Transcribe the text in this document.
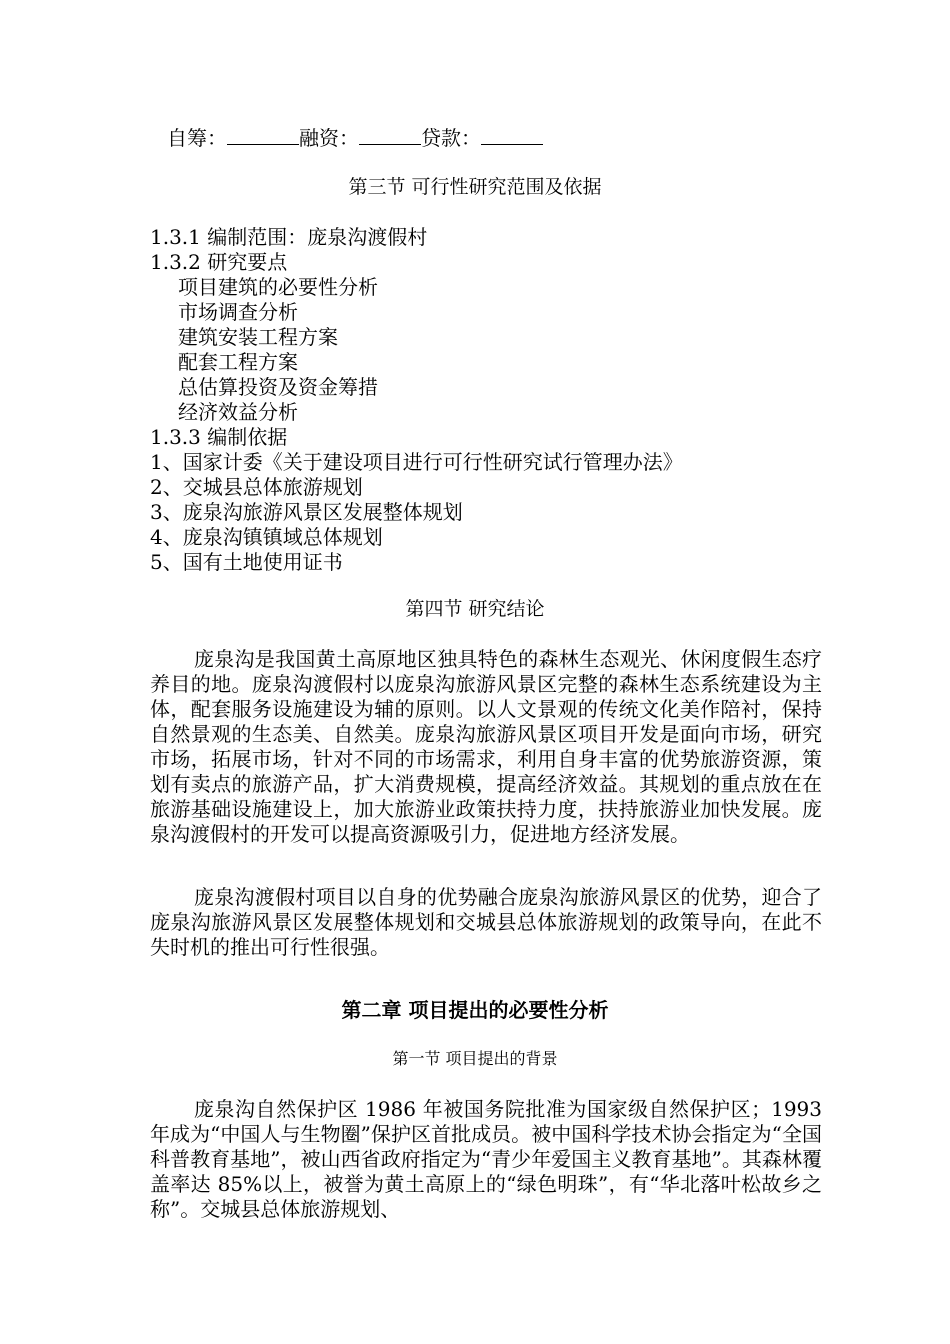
自筹：	融资：	贷款：
第三节 可行性研究范围及依据
1.3.1 编制范围：庞泉沟渡假村
1.3.2 研究要点
项目建筑的必要性分析
市场调查分析
建筑安装工程方案
配套工程方案
总估算投资及资金筹措
经济效益分析
1.3.3 编制依据
1、国家计委《关于建设项目进行可行性研究试行管理办法》
2、交城县总体旅游规划
3、庞泉沟旅游风景区发展整体规划
4、庞泉沟镇镇域总体规划
5、国有土地使用证书
第四节 研究结论

庞泉沟是我国黄土高原地区独具特色的森林生态观光、休闲度假生态疗养目的地。庞泉沟渡假村以庞泉沟旅游风景区完整的森林生态系统建设为主体，配套服务设施建设为辅的原则。以人文景观的传统文化美作陪衬，保持自然景观的生态美、自然美。庞泉沟旅游风景区项目开发是面向市场，研究市场，拓展市场，针对不同的市场需求，利用自身丰富的优势旅游资源，策划有卖点的旅游产品，扩大消费规模，提高经济效益。其规划的重点放在在旅游基础设施建设上，加大旅游业政策扶持力度，扶持旅游业加快发展。庞泉沟渡假村的开发可以提高资源吸引力，促进地方经济发展。

庞泉沟渡假村项目以自身的优势融合庞泉沟旅游风景区的优势，迎合了庞泉沟旅游风景区发展整体规划和交城县总体旅游规划的政策导向，在此不失时机的推出可行性很强。

第二章 项目提出的必要性分析
第一节 项目提出的背景

庞泉沟自然保护区 1986 年被国务院批准为国家级自然保护区；1993 年成为“中国人与生物圈”保护区首批成员。被中国科学技术协会指定为“全国科普教育基地”，被山西省政府指定为“青少年爱国主义教育基地”。其森林覆盖率达 85%以上，被誉为黄土高原上的“绿色明珠”，有“华北落叶松故乡之称”。交城县总体旅游规划、
